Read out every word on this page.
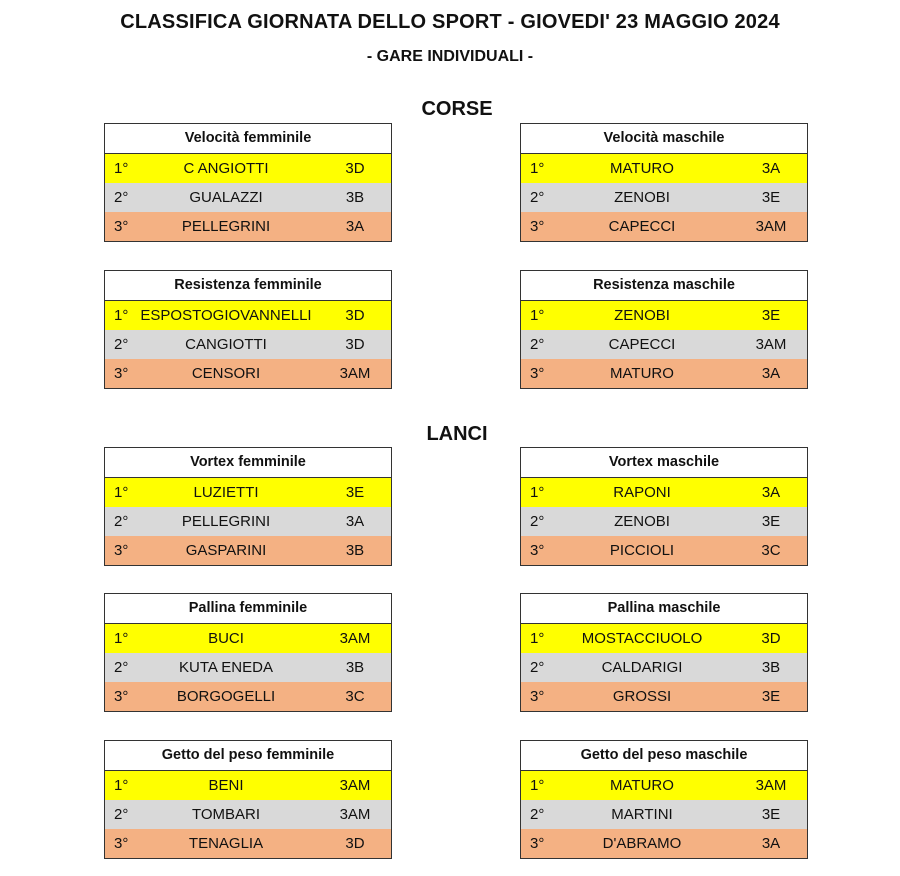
CLASSIFICA GIORNATA DELLO SPORT - GIOVEDI' 23 MAGGIO 2024
- GARE INDIVIDUALI -
CORSE
LANCI
Velocità femminile
1°	C ANGIOTTI	3D
2°	GUALAZZI	3B
3°	PELLEGRINI	3A
Velocità maschile
1°	MATURO	3A
2°	ZENOBI	3E
3°	CAPECCI	3AM
Resistenza femminile
1° ESPOSTOGIOVANNELLI	3D
2°	CANGIOTTI	3D
3°	CENSORI	3AM
Resistenza maschile
1°	ZENOBI	3E
2°	CAPECCI	3AM
3°	MATURO	3A
Vortex femminile
1°	LUZIETTI	3E
2°	PELLEGRINI	3A
3°	GASPARINI	3B
Vortex maschile
1°	RAPONI	3A
2°	ZENOBI	3E
3°	PICCIOLI	3C
Pallina femminile
1°	BUCI	3AM
2°	KUTA ENEDA	3B
3°	BORGOGELLI	3C
Pallina maschile
1°	MOSTACCIUOLO	3D
2°	CALDARIGI	3B
3°	GROSSI	3E
Getto del peso femminile
1°	BENI	3AM
2°	TOMBARI	3AM
3°	TENAGLIA	3D
Getto del peso maschile
1°	MATURO	3AM
2°	MARTINI	3E
3°	D'ABRAMO	3A
